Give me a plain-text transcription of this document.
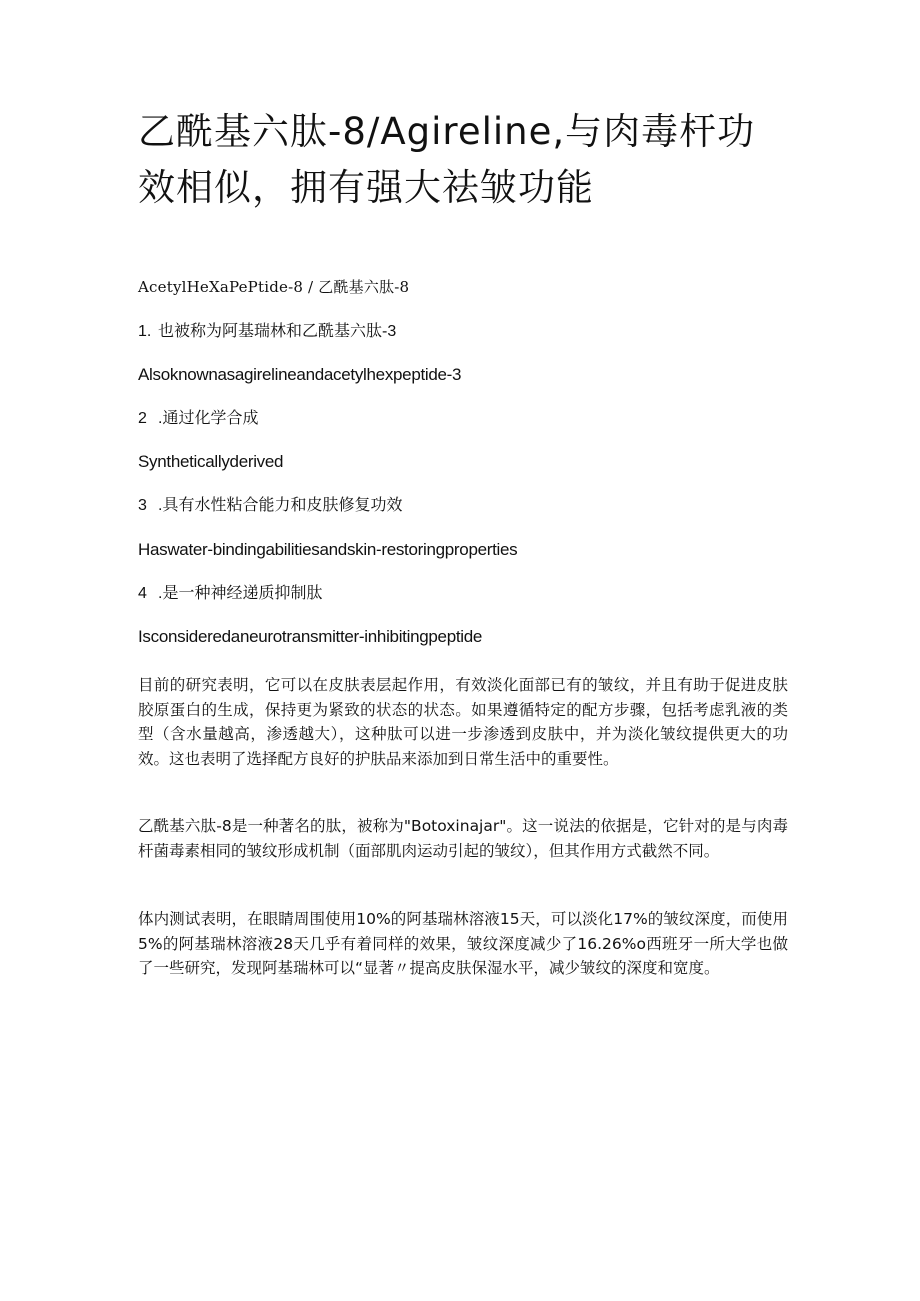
乙酰基六肽-8/Agireline,与肉毒杆功效相似，拥有强大祛皱功能

AcetylHeXaPePtide-8 / 乙酰基六肽-8

1. 也被称为阿基瑞林和乙酰基六肽-3

Alsoknownasagirelineandacetylhexpeptide-3

2 .通过化学合成

Syntheticallyderived

3 .具有水性粘合能力和皮肤修复功效

Haswater-bindingabilitiesandskin-restoringproperties

4 .是一种神经递质抑制肽

Isconsideredaneurotransmitter-inhibitingpeptide

目前的研究表明，它可以在皮肤表层起作用，有效淡化面部已有的皱纹，并且有助于促进皮肤胶原蛋白的生成，保持更为紧致的状态的状态。如果遵循特定的配方步骤，包括考虑乳液的类型（含水量越高，渗透越大），这种肽可以进一步渗透到皮肤中，并为淡化皱纹提供更大的功效。这也表明了选择配方良好的护肤品来添加到日常生活中的重要性。

乙酰基六肽-8是一种著名的肽，被称为"Botoxinajar"。这一说法的依据是，它针对的是与肉毒杆菌毒素相同的皱纹形成机制（面部肌肉运动引起的皱纹），但其作用方式截然不同。

体内测试表明，在眼睛周围使用10%的阿基瑞林溶液15天，可以淡化17%的皱纹深度，而使用5%的阿基瑞林溶液28天几乎有着同样的效果，皱纹深度减少了16.26%o西班牙一所大学也做了一些研究，发现阿基瑞林可以“显著〃提高皮肤保湿水平，减少皱纹的深度和宽度。
